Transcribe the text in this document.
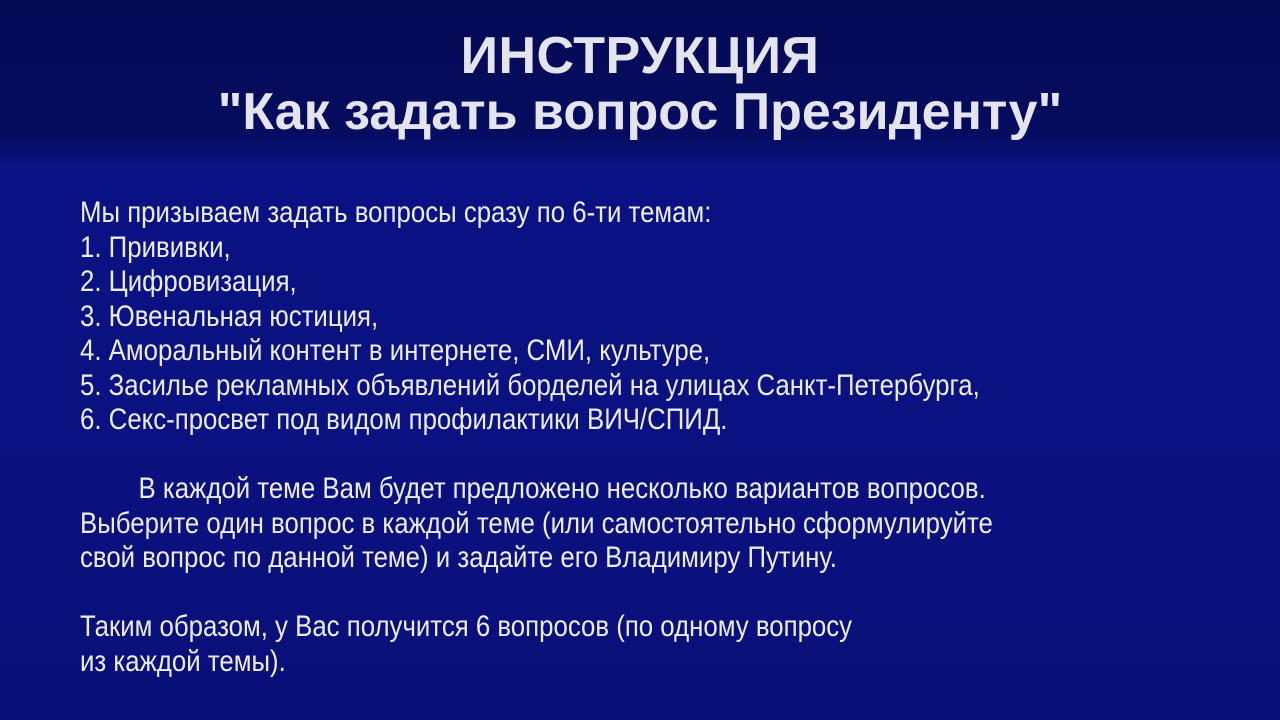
ИНСТРУКЦИЯ
"Как задать вопрос Президенту"

Мы призываем задать вопросы сразу по 6-ти темам:

1. Прививки,

2. Цифровизация,

3. Ювенальная юстиция,

4. Аморальный контент в интернете, СМИ, культуре,

5. Засилье рекламных объявлений борделей на улицах Санкт-Петербурга,

6. Секс-просвет под видом профилактики ВИЧ/СПИД.

В каждой теме Вам будет предложено несколько вариантов вопросов.

Выберите один вопрос в каждой теме (или самостоятельно сформулируйте

свой вопрос по данной теме) и задайте его Владимиру Путину.

Таким образом, у Вас получится 6 вопросов (по одному вопросу

из каждой темы).
